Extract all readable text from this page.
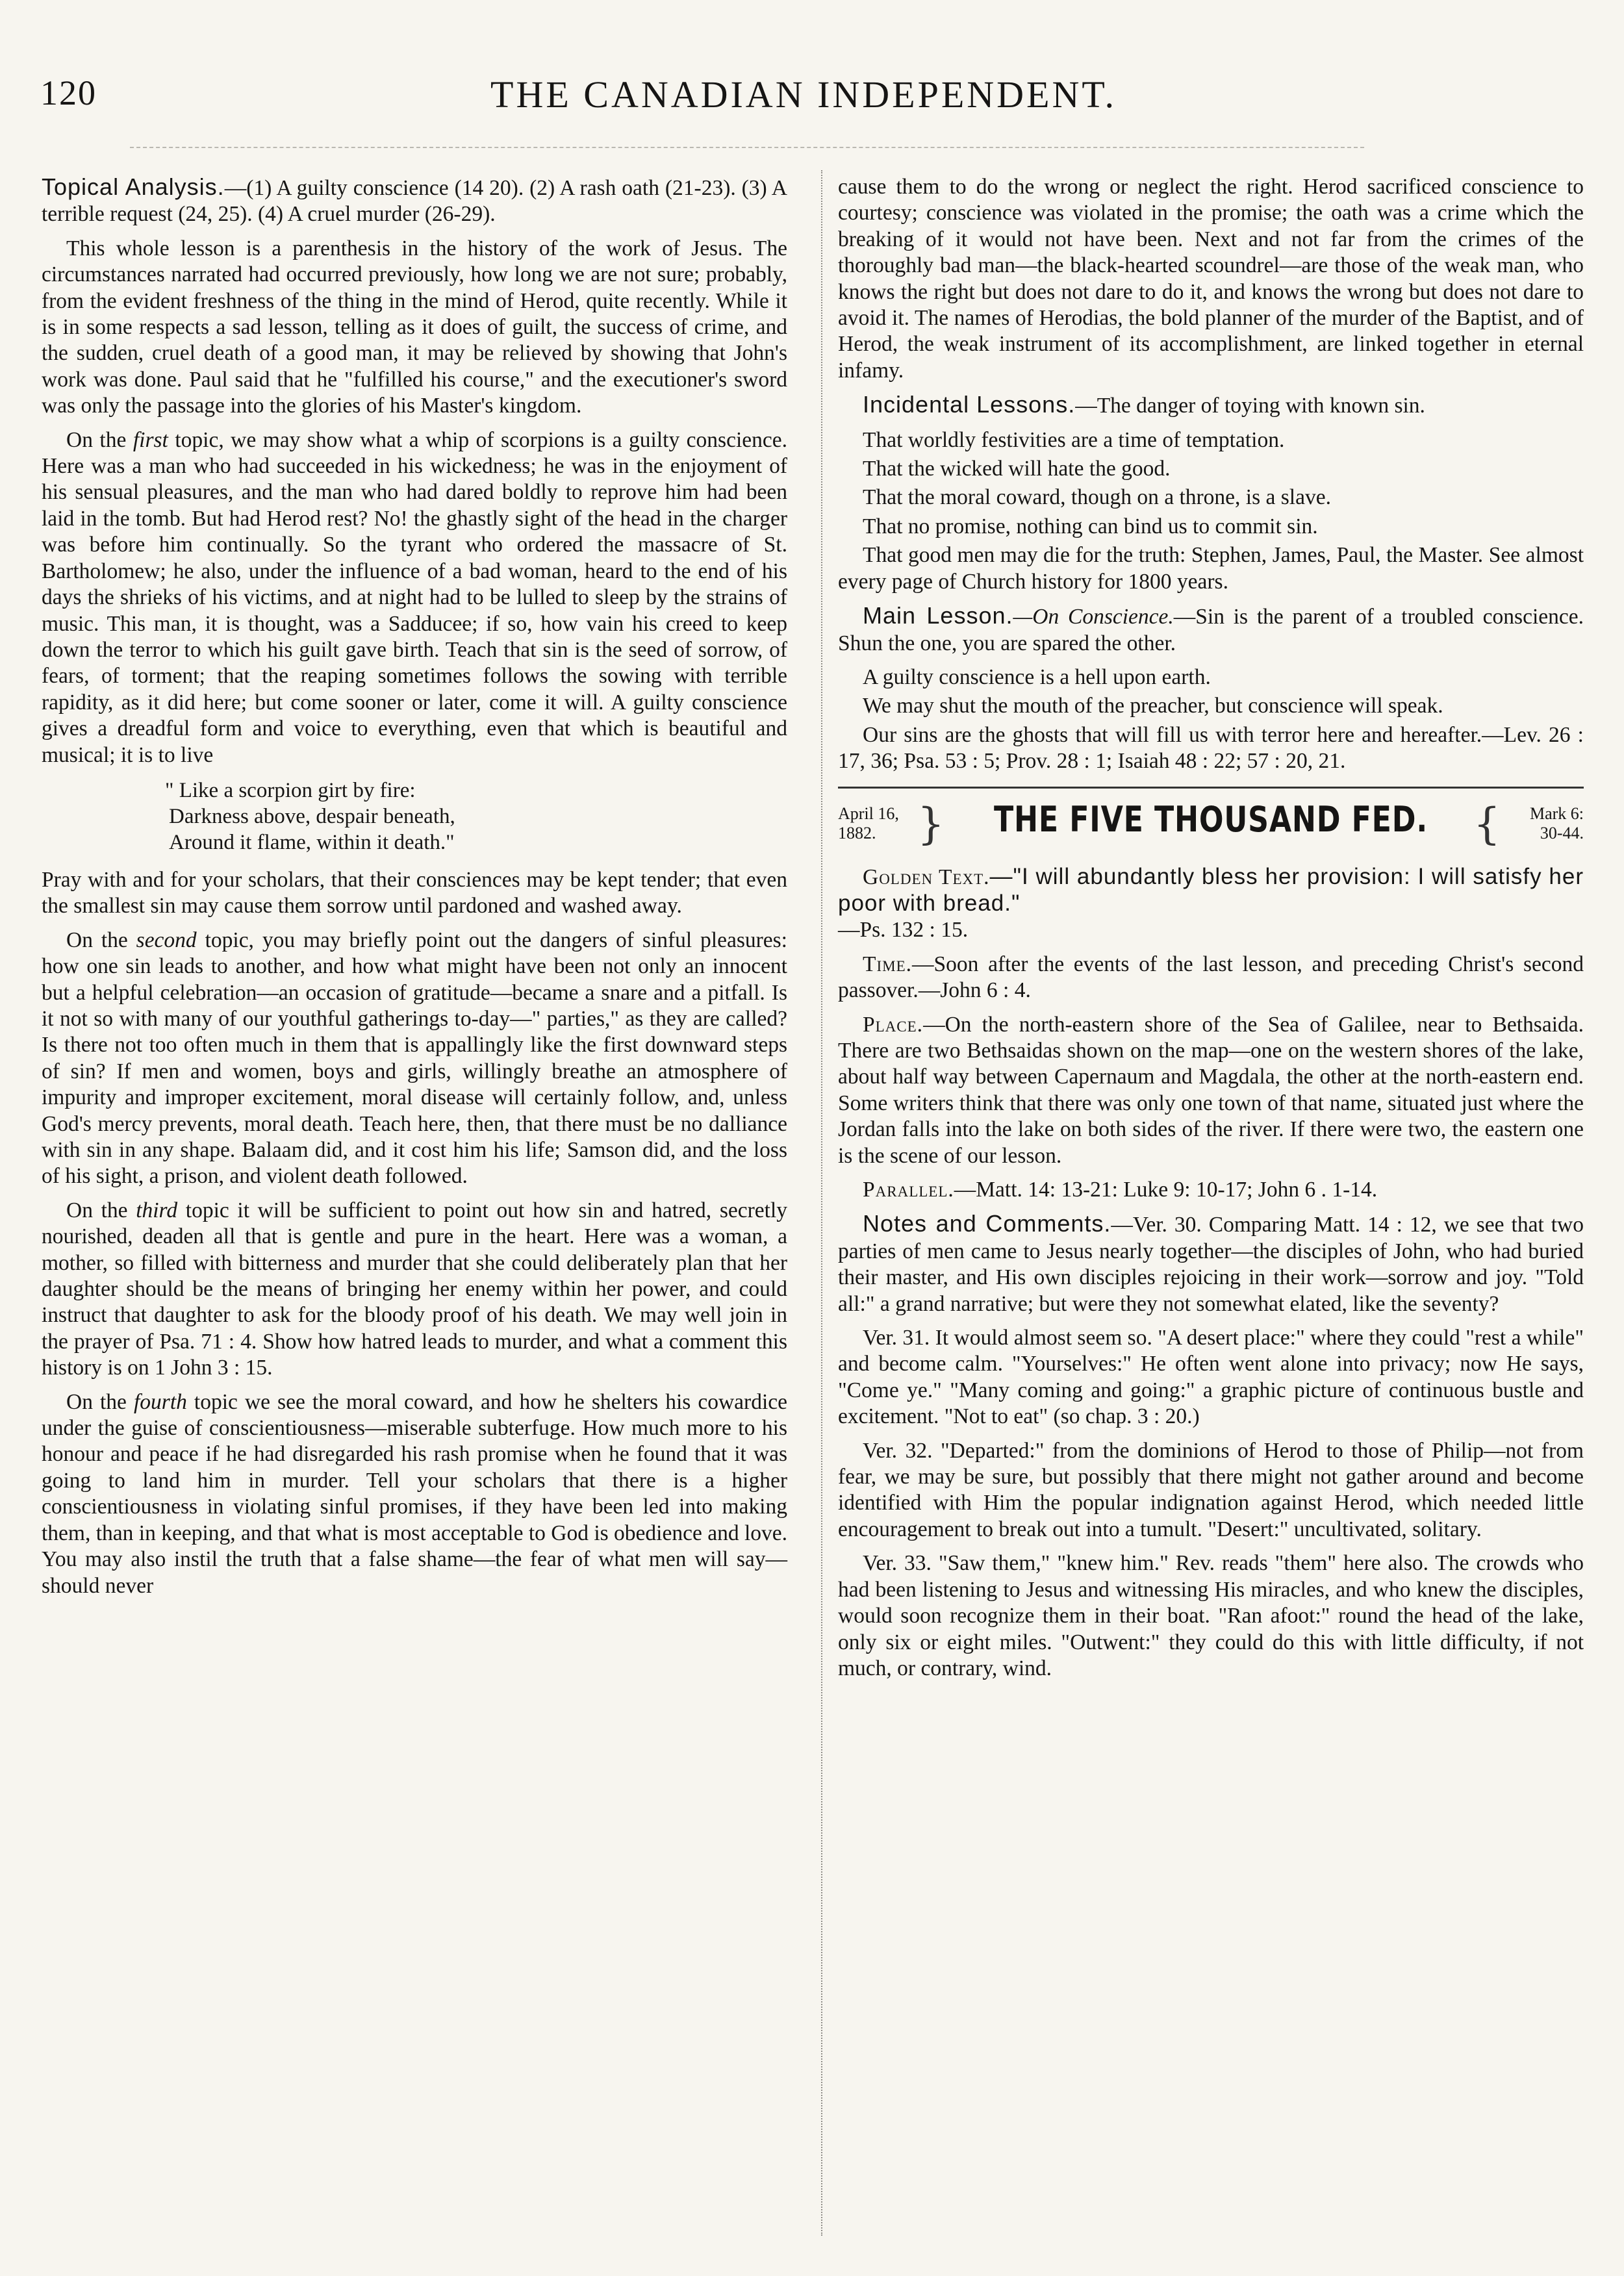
120	THE CANADIAN INDEPENDENT.

Topical Analysis.—(1) A guilty conscience (14 20). (2) A rash oath (21-23). (3) A terrible request (24, 25). (4) A cruel murder (26-29).

This whole lesson is a parenthesis in the history of the work of Jesus. The circumstances narrated had occurred previously, how long we are not sure; probably, from the evident freshness of the thing in the mind of Herod, quite recently. While it is in some respects a sad lesson, telling as it does of guilt, the success of crime, and the sudden, cruel death of a good man, it may be relieved by showing that John's work was done. Paul said that he "fulfilled his course," and the executioner's sword was only the passage into the glories of his Master's kingdom.

On the first topic, we may show what a whip of scorpions is a guilty conscience. Here was a man who had succeeded in his wickedness; he was in the enjoyment of his sensual pleasures, and the man who had dared boldly to reprove him had been laid in the tomb. But had Herod rest? No! the ghastly sight of the head in the charger was before him continually. So the tyrant who ordered the massacre of St. Bartholomew; he also, under the influence of a bad woman, heard to the end of his days the shrieks of his victims, and at night had to be lulled to sleep by the strains of music. This man, it is thought, was a Sadducee; if so, how vain his creed to keep down the terror to which his guilt gave birth. Teach that sin is the seed of sorrow, of fears, of torment; that the reaping sometimes follows the sowing with terrible rapidity, as it did here; but come sooner or later, come it will. A guilty conscience gives a dreadful form and voice to everything, even that which is beautiful and musical; it is to live

" Like a scorpion girt by fire:
Darkness above, despair beneath,
Around it flame, within it death."

Pray with and for your scholars, that their consciences may be kept tender; that even the smallest sin may cause them sorrow until pardoned and washed away.

On the second topic, you may briefly point out the dangers of sinful pleasures: how one sin leads to another, and how what might have been not only an innocent but a helpful celebration—an occasion of gratitude—became a snare and a pitfall. Is it not so with many of our youthful gatherings to-day—" parties," as they are called? Is there not too often much in them that is appallingly like the first downward steps of sin? If men and women, boys and girls, willingly breathe an atmosphere of impurity and improper excitement, moral disease will certainly follow, and, unless God's mercy prevents, moral death. Teach here, then, that there must be no dalliance with sin in any shape. Balaam did, and it cost him his life; Samson did, and the loss of his sight, a prison, and violent death followed.

On the third topic it will be sufficient to point out how sin and hatred, secretly nourished, deaden all that is gentle and pure in the heart. Here was a woman, a mother, so filled with bitterness and murder that she could deliberately plan that her daughter should be the means of bringing her enemy within her power, and could instruct that daughter to ask for the bloody proof of his death. We may well join in the prayer of Psa. 71 : 4. Show how hatred leads to murder, and what a comment this history is on 1 John 3 : 15.

On the fourth topic we see the moral coward, and how he shelters his cowardice under the guise of conscientiousness—miserable subterfuge. How much more to his honour and peace if he had disregarded his rash promise when he found that it was going to land him in murder. Tell your scholars that there is a higher conscientiousness in violating sinful promises, if they have been led into making them, than in keeping, and that what is most acceptable to God is obedience and love. You may also instil the truth that a false shame—the fear of what men will say—should never

cause them to do the wrong or neglect the right. Herod sacrificed conscience to courtesy; conscience was violated in the promise; the oath was a crime which the breaking of it would not have been. Next and not far from the crimes of the thoroughly bad man—the black-hearted scoundrel—are those of the weak man, who knows the right but does not dare to do it, and knows the wrong but does not dare to avoid it. The names of Herodias, the bold planner of the murder of the Baptist, and of Herod, the weak instrument of its accomplishment, are linked together in eternal infamy.

Incidental Lessons.—The danger of toying with known sin.

That worldly festivities are a time of temptation.

That the wicked will hate the good.

That the moral coward, though on a throne, is a slave.

That no promise, nothing can bind us to commit sin.

That good men may die for the truth: Stephen, James, Paul, the Master. See almost every page of Church history for 1800 years.

Main Lesson.—On Conscience.—Sin is the parent of a troubled conscience. Shun the one, you are spared the other.

A guilty conscience is a hell upon earth.

We may shut the mouth of the preacher, but conscience will speak.

Our sins are the ghosts that will fill us with terror here and hereafter.—Lev. 26 : 17, 36; Psa. 53 : 5; Prov. 28 : 1; Isaiah 48 : 22; 57 : 20, 21.

April 16,
1882. }	THE FIVE THOUSAND FED.	{ Mark 6:
30-44.

Golden Text.—"I will abundantly bless her provision: I will satisfy her poor with bread."
—Ps. 132 : 15.

Time.—Soon after the events of the last lesson, and preceding Christ's second passover.—John 6 : 4.

Place.—On the north-eastern shore of the Sea of Galilee, near to Bethsaida. There are two Bethsaidas shown on the map—one on the western shores of the lake, about half way between Capernaum and Magdala, the other at the north-eastern end. Some writers think that there was only one town of that name, situated just where the Jordan falls into the lake on both sides of the river. If there were two, the eastern one is the scene of our lesson.

Parallel.—Matt. 14: 13-21: Luke 9: 10-17; John 6 . 1-14.

Notes and Comments.—Ver. 30. Comparing Matt. 14 : 12, we see that two parties of men came to Jesus nearly together—the disciples of John, who had buried their master, and His own disciples rejoicing in their work—sorrow and joy. "Told all:" a grand narrative; but were they not somewhat elated, like the seventy?

Ver. 31. It would almost seem so. "A desert place:" where they could "rest a while" and become calm. "Yourselves:" He often went alone into privacy; now He says, "Come ye." "Many coming and going:" a graphic picture of continuous bustle and excitement. "Not to eat" (so chap. 3 : 20.)

Ver. 32. "Departed:" from the dominions of Herod to those of Philip—not from fear, we may be sure, but possibly that there might not gather around and become identified with Him the popular indignation against Herod, which needed little encouragement to break out into a tumult. "Desert:" uncultivated, solitary.

Ver. 33. "Saw them," "knew him." Rev. reads "them" here also. The crowds who had been listening to Jesus and witnessing His miracles, and who knew the disciples, would soon recognize them in their boat. "Ran afoot:" round the head of the lake, only six or eight miles. "Outwent:" they could do this with little difficulty, if not much, or contrary, wind.
